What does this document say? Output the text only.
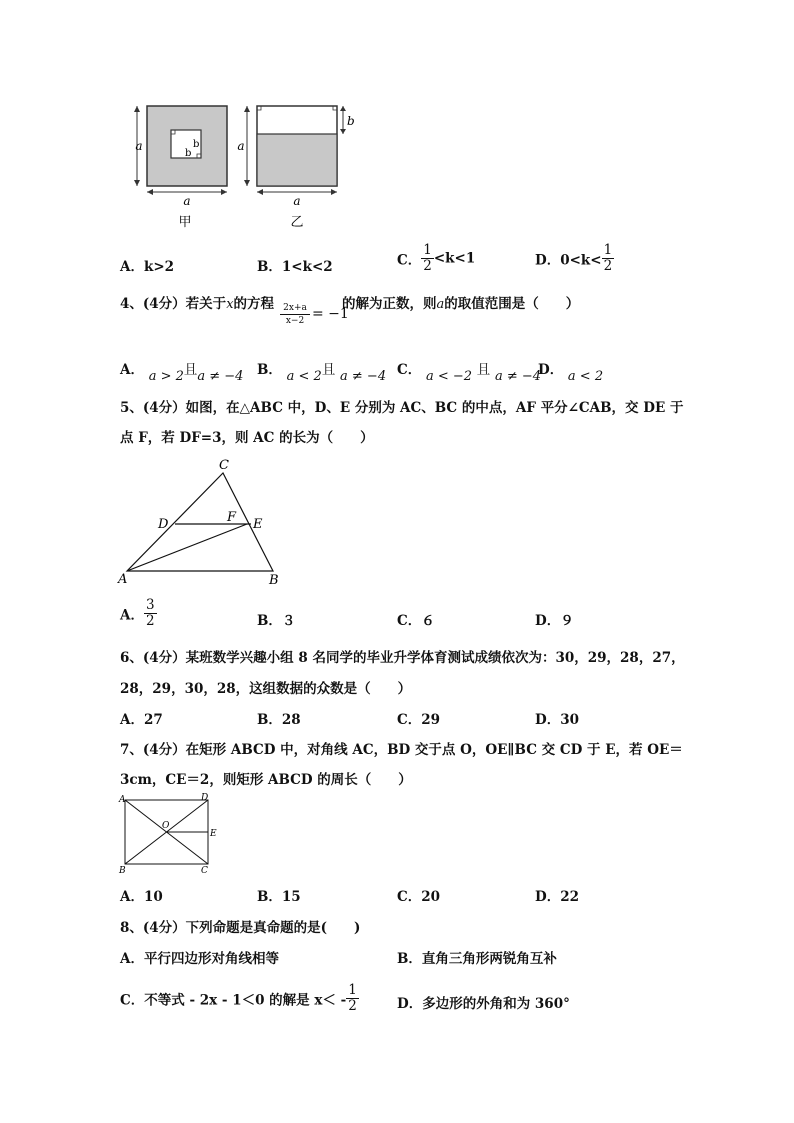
b
b
. a
a
甲
a
b
a
乙
A．k>2	B．1<k<2	C． $\frac{1}{2} <k<1$	D．$0<k< \frac{1}{2}$
4、(4分）若关于x的方程 $\frac{2x+a}{x-2} = -1$
的解为正数，则a的取值范围是（　　）
A． a > 2且a ≠ −4 B． a < 2且 a ≠ −4 C． a < −2 且 a ≠ −4
D． a < 2
5、(4分）如图，在△ABC 中，D、E 分别为 AC、BC 的中点，AF 平分∠CAB，交 DE 于
点 F，若 DF=3，则 AC 的长为（　　）
C
D	F E
A	B
A． $\frac{3}{2}$	B．３	C．６	D．９
6、(4分）某班数学兴趣小组 8 名同学的毕业升学体育测试成绩依次为：30，29，28，27，
28，29，30，28，这组数据的众数是（　　）
A．27	B．28	C．29	D．30
7、(4分）在矩形 ABCD 中，对角线 AC，BD 交于点 O，OE∥BC 交 CD 于 E，若 OE＝
3cm，CE＝2，则矩形 ABCD 的周长（　　）
A	D
O
E
B	C
A．10	B．15	C．20	D．22
8、(4分）下列命题是真命题的是(　　)
A．平行四边形对角线相等	B．直角三角形两锐角互补
C．不等式 - 2x - 1＜0 的解是 $x< - \frac{1}{2}$	D．多边形的外角和为 360°
